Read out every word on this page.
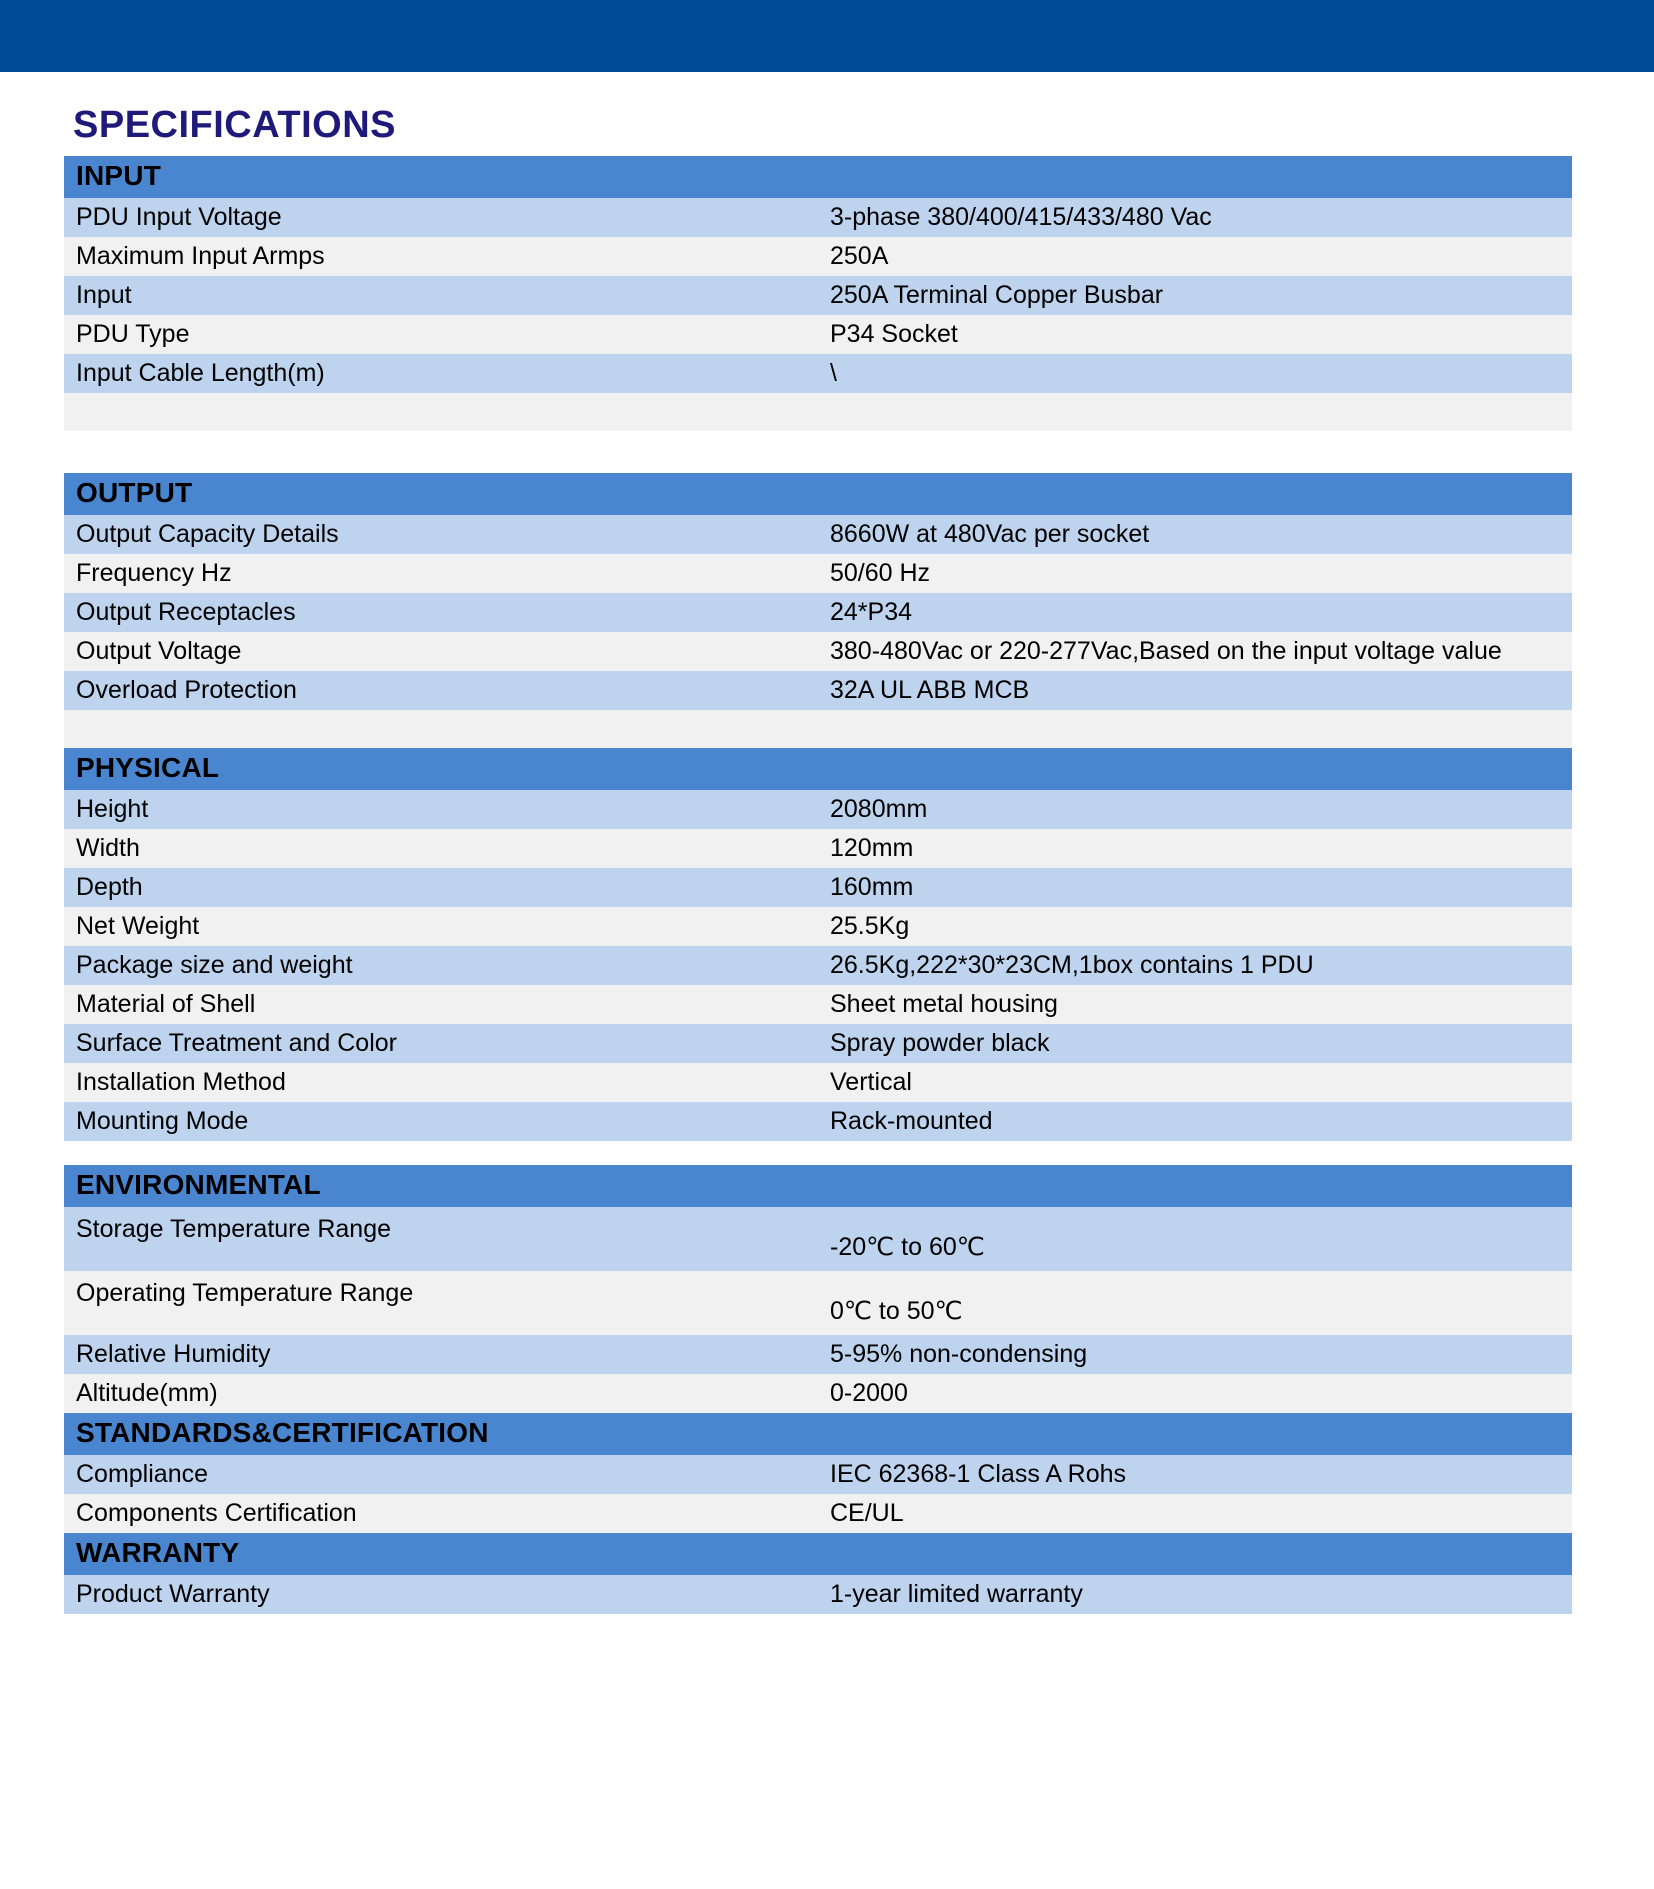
SPECIFICATIONS
INPUT	
PDU Input Voltage	3-phase 380/400/415/433/480 Vac
Maximum Input Armps	250A
Input	250A Terminal Copper Busbar
PDU Type	P34 Socket
Input Cable Length(m)	\

OUTPUT	
Output Capacity Details	8660W at 480Vac per socket
Frequency Hz	50/60 Hz
Output Receptacles	24*P34
Output Voltage	380-480Vac or 220-277Vac,Based on the input voltage value
Overload Protection	32A UL ABB MCB

PHYSICAL	
Height	2080mm
Width	120mm
Depth	160mm
Net Weight	25.5Kg
Package size and weight	26.5Kg,222*30*23CM,1box contains 1 PDU
Material of Shell	Sheet metal housing
Surface Treatment and Color	Spray powder black
Installation Method	Vertical
Mounting Mode	Rack-mounted
ENVIRONMENTAL	
Storage Temperature Range	-20℃ to 60℃
Operating Temperature Range	0℃ to 50℃
Relative Humidity	5-95% non-condensing
Altitude(mm)	0-2000
STANDARDS&CERTIFICATION	
Compliance	IEC 62368-1 Class A Rohs
Components Certification	CE/UL
WARRANTY
Product Warranty	1-year limited warranty
